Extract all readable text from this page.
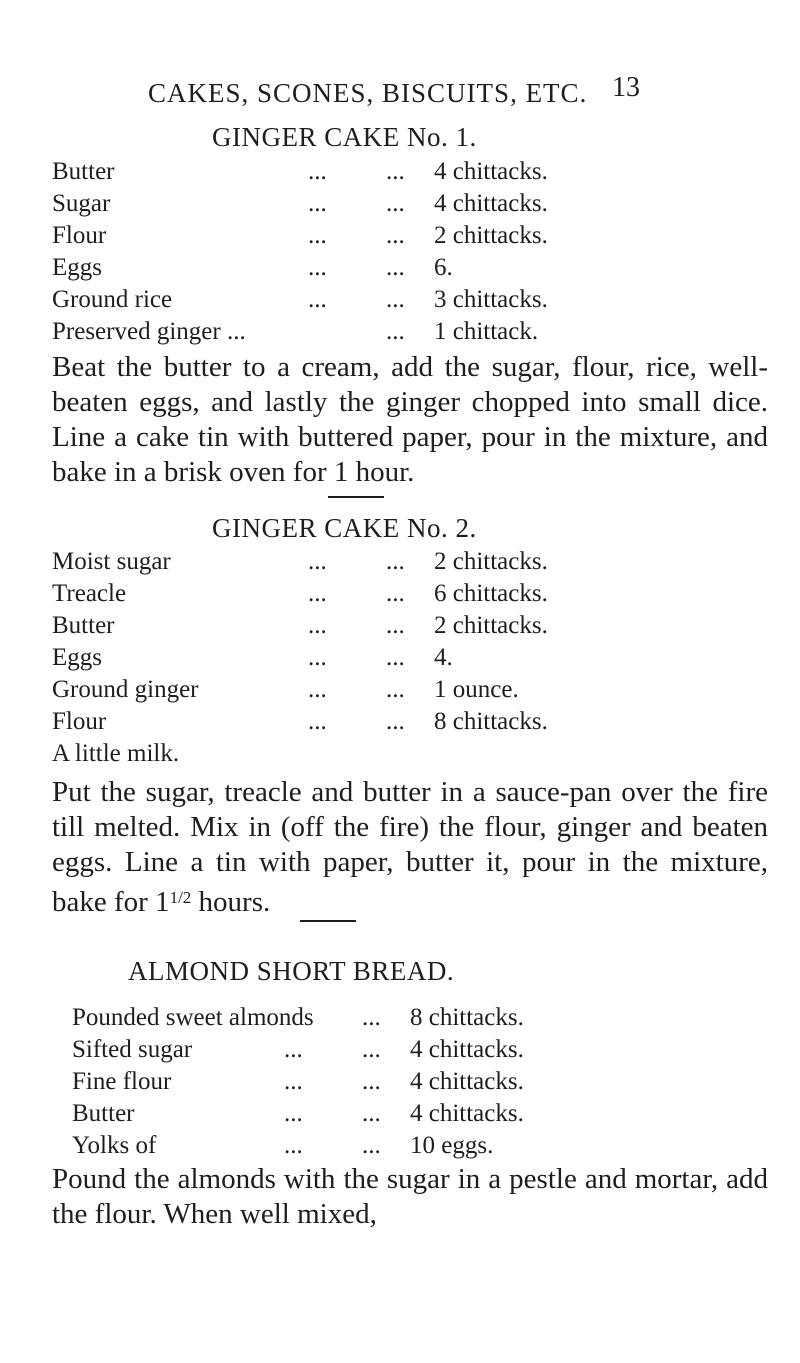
CAKES, SCONES, BISCUITS, ETC. 13
GINGER CAKE No. 1.
Butter	... ... 4 chittacks.
Sugar	... ... 4 chittacks.
Flour	... ... 2 chittacks.
Eggs	... ... 6.
Ground rice	... ... 3 chittacks.
Preserved ginger ...	... 1 chittack.
Beat the butter to a cream, add the sugar, flour, rice, well-beaten eggs, and lastly the ginger chopped into small dice. Line a cake tin with buttered paper, pour in the mixture, and bake in a brisk oven for 1 hour.
GINGER CAKE No. 2.
Moist sugar	... ... 2 chittacks.
Treacle	... ... 6 chittacks.
Butter	... ... 2 chittacks.
Eggs	... ... 4.
Ground ginger	... ... 1 ounce.
Flour	... ... 8 chittacks.
A little milk.
Put the sugar, treacle and butter in a sauce-pan over the fire till melted. Mix in (off the fire) the flour, ginger and beaten eggs. Line a tin with paper, butter it, pour in the mixture, bake for $1^{1/2}$ hours.
ALMOND SHORT BREAD.
Pounded sweet almonds ... 8 chittacks.
Sifted sugar	... ... 4 chittacks.
Fine flour	... ... 4 chittacks.
Butter	... ... 4 chittacks.
Yolks of	... ... 10 eggs.
Pound the almonds with the sugar in a pestle and mortar, add the flour. When well mixed,
